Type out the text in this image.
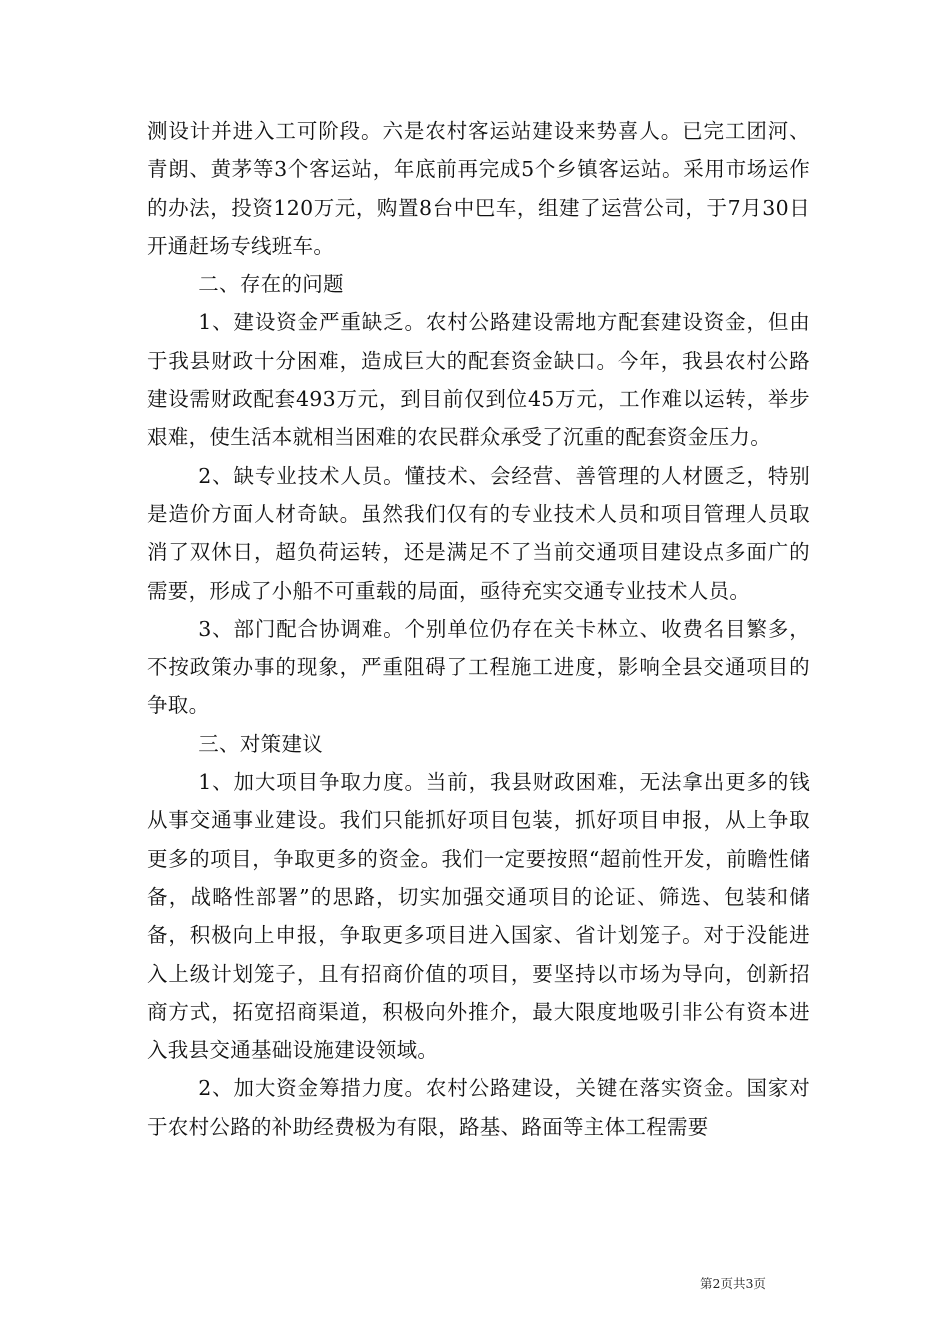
测设计并进入工可阶段。六是农村客运站建设来势喜人。已完工团河、青朗、黄茅等3个客运站，年底前再完成5个乡镇客运站。采用市场运作的办法，投资120万元，购置8台中巴车，组建了运营公司，于7月30日开通赶场专线班车。

二、存在的问题

1、建设资金严重缺乏。农村公路建设需地方配套建设资金，但由于我县财政十分困难，造成巨大的配套资金缺口。今年，我县农村公路建设需财政配套493万元，到目前仅到位45万元，工作难以运转，举步艰难，使生活本就相当困难的农民群众承受了沉重的配套资金压力。

2、缺专业技术人员。懂技术、会经营、善管理的人材匮乏，特别是造价方面人材奇缺。虽然我们仅有的专业技术人员和项目管理人员取消了双休日，超负荷运转，还是满足不了当前交通项目建设点多面广的需要，形成了小船不可重载的局面，亟待充实交通专业技术人员。

3、部门配合协调难。个别单位仍存在关卡林立、收费名目繁多，不按政策办事的现象，严重阻碍了工程施工进度，影响全县交通项目的争取。

三、对策建议

1、加大项目争取力度。当前，我县财政困难，无法拿出更多的钱从事交通事业建设。我们只能抓好项目包装，抓好项目申报，从上争取更多的项目，争取更多的资金。我们一定要按照“超前性开发，前瞻性储备，战略性部署”的思路，切实加强交通项目的论证、筛选、包装和储备，积极向上申报，争取更多项目进入国家、省计划笼子。对于没能进入上级计划笼子，且有招商价值的项目，要坚持以市场为导向，创新招商方式，拓宽招商渠道，积极向外推介，最大限度地吸引非公有资本进入我县交通基础设施建设领域。

2、加大资金筹措力度。农村公路建设，关键在落实资金。国家对于农村公路的补助经费极为有限，路基、路面等主体工程需要

第2页共3页
